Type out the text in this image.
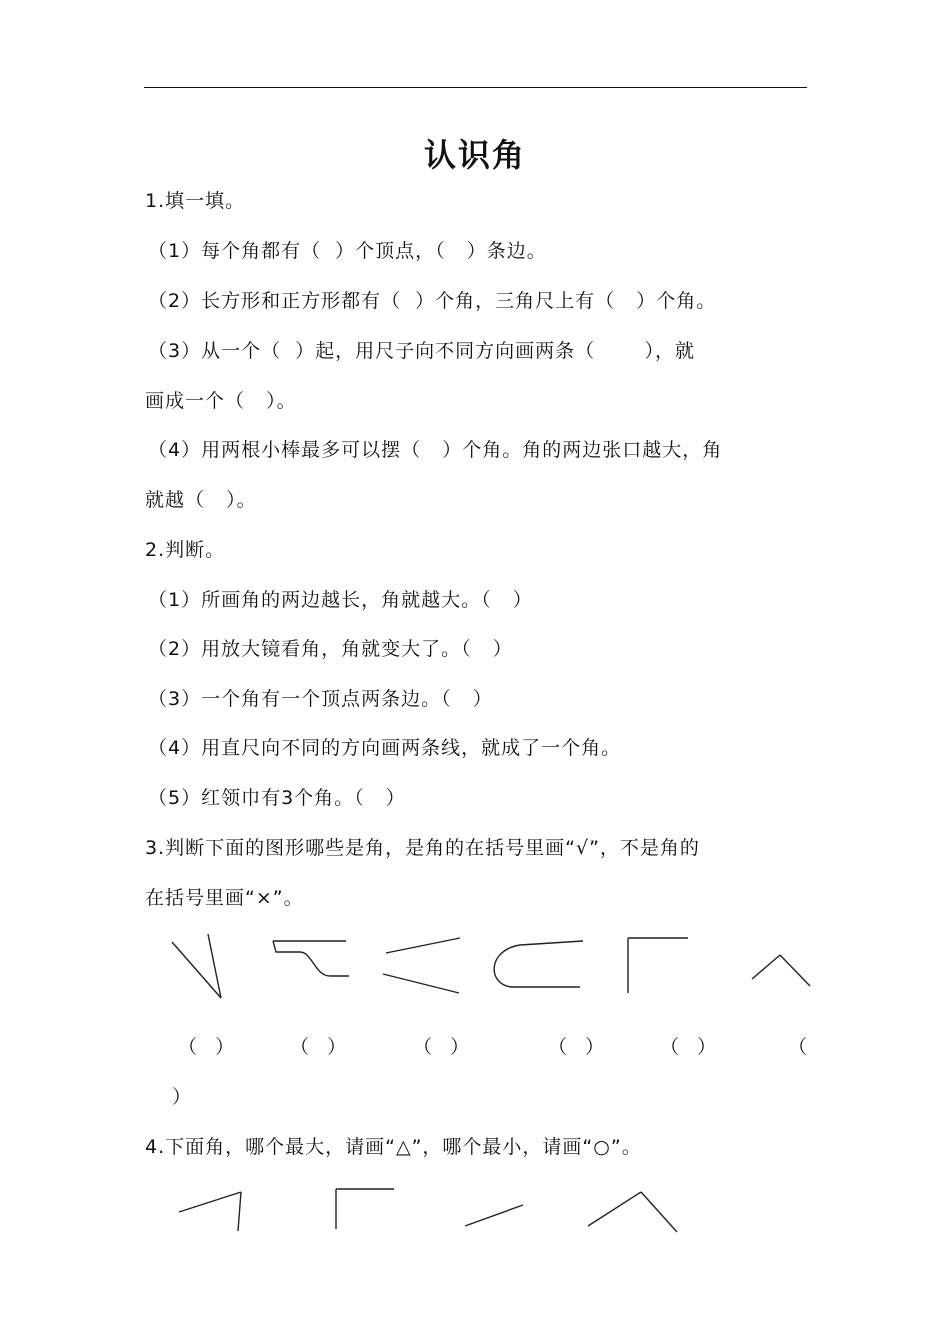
认识角
1.填一填。
（1）每个角都有（  ）个顶点，（   ）条边。
（2）长方形和正方形都有（  ）个角，三角尺上有（   ）个角。
（3）从一个（  ）起，用尺子向不同方向画两条（       ），就
画成一个（   ）。
（4）用两根小棒最多可以摆（   ）个角。角的两边张口越大，角
就越（   ）。
2.判断。
（1）所画角的两边越长，角就越大。（   ）
（2）用放大镜看角，角就变大了。（   ）
（3）一个角有一个顶点两条边。（   ）
（4）用直尺向不同的方向画两条线，就成了一个角。
（5）红领巾有3个角。（   ）
3.判断下面的图形哪些是角，是角的在括号里画“√”，不是角的
在括号里画“×”。
（   ）	（   ）	（   ）	（   ）	（   ）	（
）
4.下面角，哪个最大，请画“△”，哪个最小，请画“○”。
